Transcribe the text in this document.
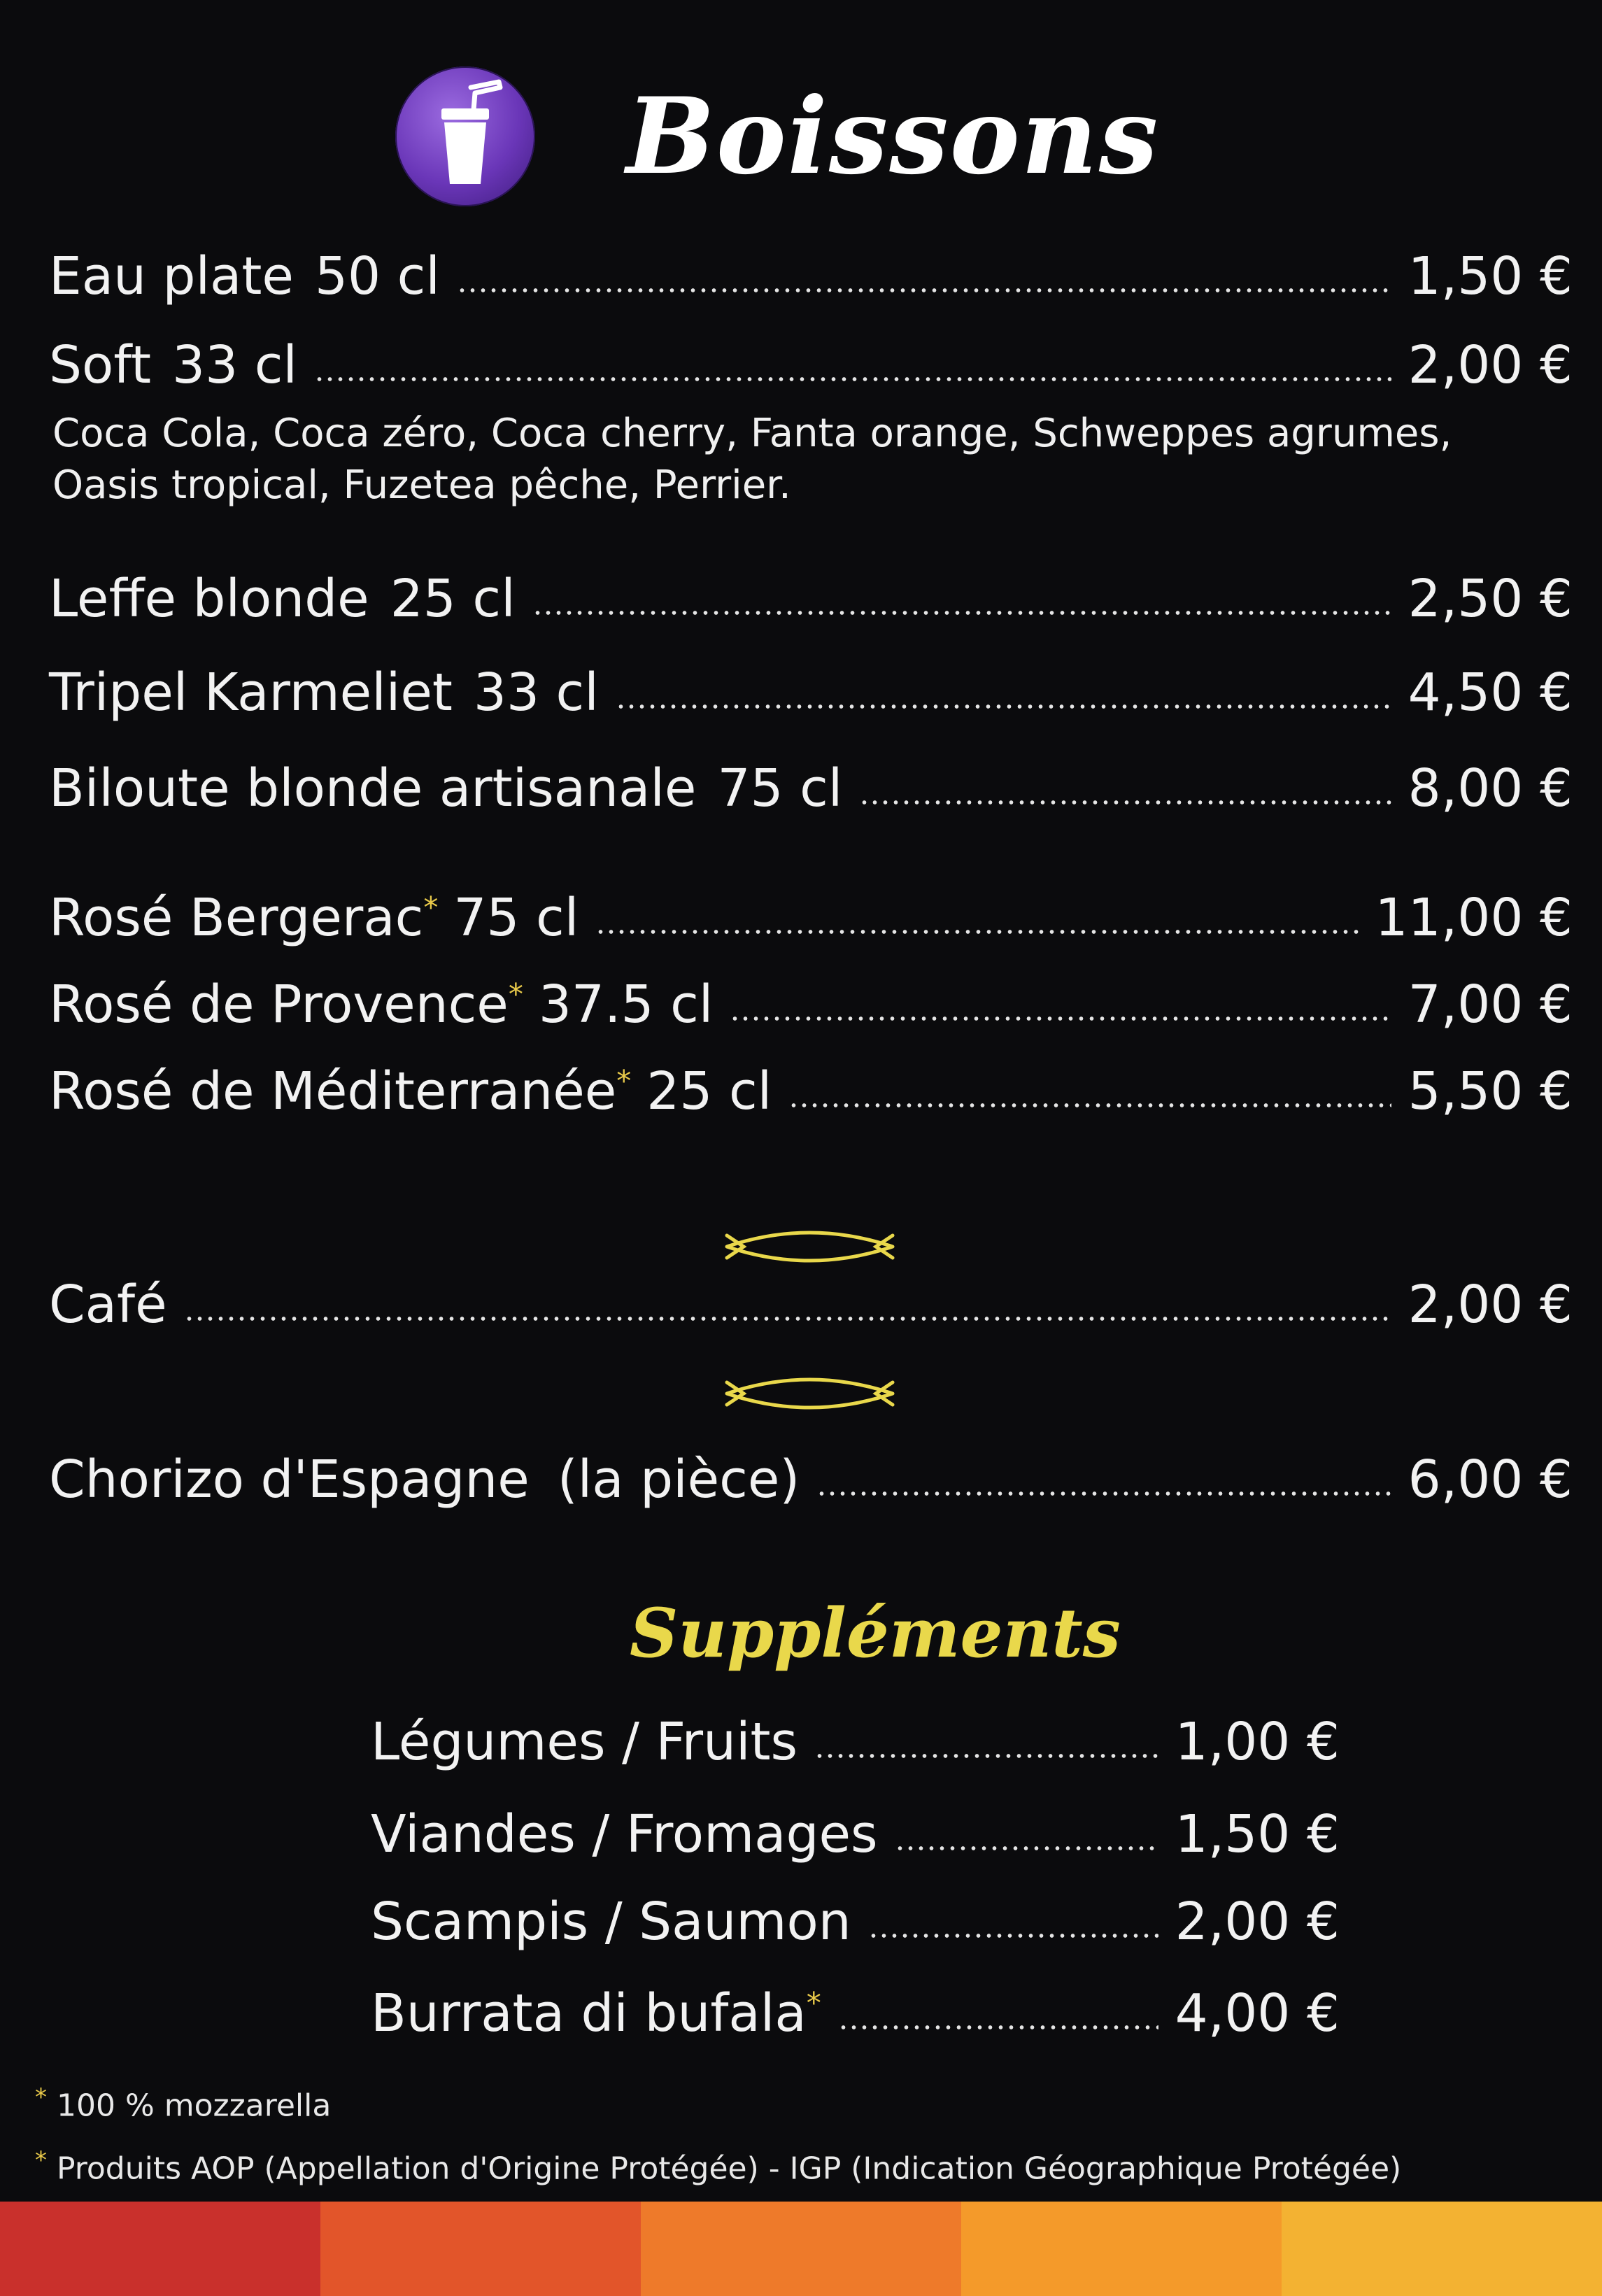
Boissons
Eau plate 50 cl	1,50 €
Soft 33 cl	2,00 €
Coca Cola, Coca zéro, Coca cherry, Fanta orange, Schweppes agrumes,
Oasis tropical, Fuzetea pêche, Perrier.
Leffe blonde 25 cl	2,50 €
Tripel Karmeliet 33 cl	4,50 €
Biloute blonde artisanale 75 cl	8,00 €
Rosé Bergerac* 75 cl	11,00 €
Rosé de Provence* 37.5 cl	7,00 €
Rosé de Méditerranée* 25 cl	5,50 €
Café	2,00 €
Chorizo d'Espagne (la pièce)	6,00 €
Suppléments
Légumes / Fruits	1,00 €
Viandes / Fromages	1,50 €
Scampis / Saumon	2,00 €
Burrata di bufala*	4,00 €
* 100 % mozzarella
* Produits AOP (Appellation d'Origine Protégée) - IGP (Indication Géographique Protégée)
